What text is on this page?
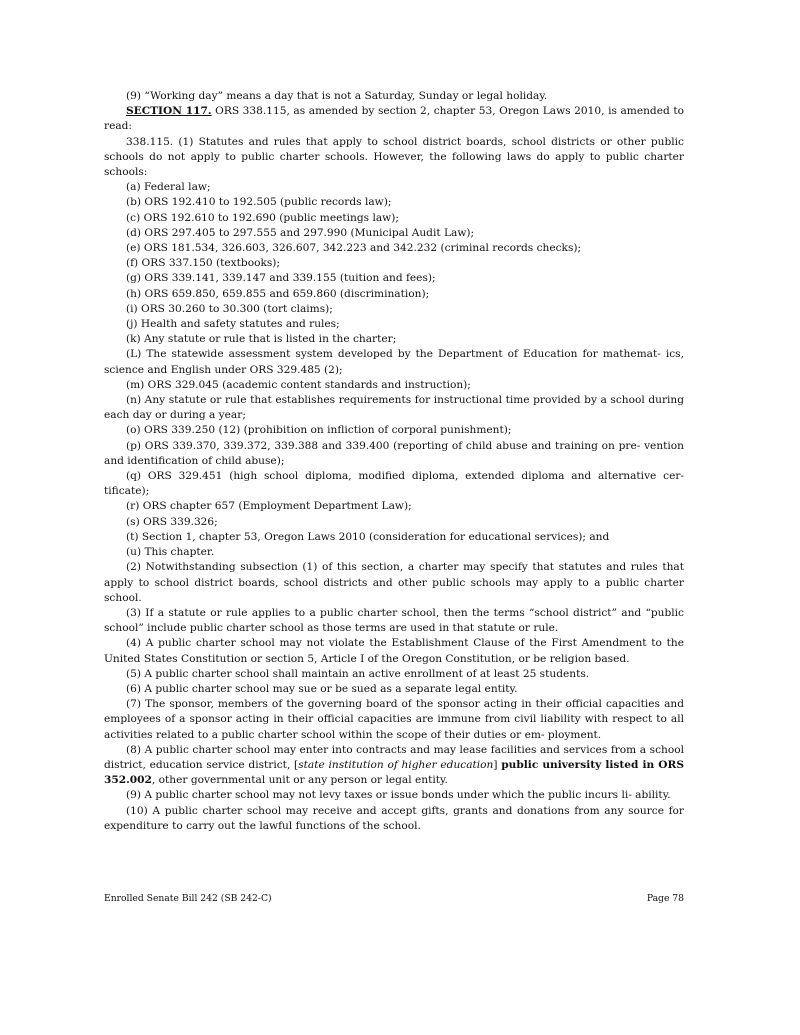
(9) “Working day” means a day that is not a Saturday, Sunday or legal holiday.

SECTION 117. ORS 338.115, as amended by section 2, chapter 53, Oregon Laws 2010, is amended to read:

338.115. (1) Statutes and rules that apply to school district boards, school districts or other public schools do not apply to public charter schools. However, the following laws do apply to public charter schools:

(a) Federal law;

(b) ORS 192.410 to 192.505 (public records law);

(c) ORS 192.610 to 192.690 (public meetings law);

(d) ORS 297.405 to 297.555 and 297.990 (Municipal Audit Law);

(e) ORS 181.534, 326.603, 326.607, 342.223 and 342.232 (criminal records checks);

(f) ORS 337.150 (textbooks);

(g) ORS 339.141, 339.147 and 339.155 (tuition and fees);

(h) ORS 659.850, 659.855 and 659.860 (discrimination);

(i) ORS 30.260 to 30.300 (tort claims);

(j) Health and safety statutes and rules;

(k) Any statute or rule that is listed in the charter;

(L) The statewide assessment system developed by the Department of Education for mathemat- ics, science and English under ORS 329.485 (2);

(m) ORS 329.045 (academic content standards and instruction);

(n) Any statute or rule that establishes requirements for instructional time provided by a school during each day or during a year;

(o) ORS 339.250 (12) (prohibition on infliction of corporal punishment);

(p) ORS 339.370, 339.372, 339.388 and 339.400 (reporting of child abuse and training on pre- vention and identification of child abuse);

(q) ORS 329.451 (high school diploma, modified diploma, extended diploma and alternative cer- tificate);

(r) ORS chapter 657 (Employment Department Law);

(s) ORS 339.326;

(t) Section 1, chapter 53, Oregon Laws 2010 (consideration for educational services); and

(u) This chapter.

(2) Notwithstanding subsection (1) of this section, a charter may specify that statutes and rules that apply to school district boards, school districts and other public schools may apply to a public charter school.

(3) If a statute or rule applies to a public charter school, then the terms “school district” and “public school” include public charter school as those terms are used in that statute or rule.

(4) A public charter school may not violate the Establishment Clause of the First Amendment to the United States Constitution or section 5, Article I of the Oregon Constitution, or be religion based.

(5) A public charter school shall maintain an active enrollment of at least 25 students.

(6) A public charter school may sue or be sued as a separate legal entity.

(7) The sponsor, members of the governing board of the sponsor acting in their official capacities and employees of a sponsor acting in their official capacities are immune from civil liability with respect to all activities related to a public charter school within the scope of their duties or em- ployment.

(8) A public charter school may enter into contracts and may lease facilities and services from a school district, education service district, [state institution of higher education] public university listed in ORS 352.002, other governmental unit or any person or legal entity.

(9) A public charter school may not levy taxes or issue bonds under which the public incurs li- ability.

(10) A public charter school may receive and accept gifts, grants and donations from any source for expenditure to carry out the lawful functions of the school.

Enrolled Senate Bill 242 (SB 242-C)	Page 78
